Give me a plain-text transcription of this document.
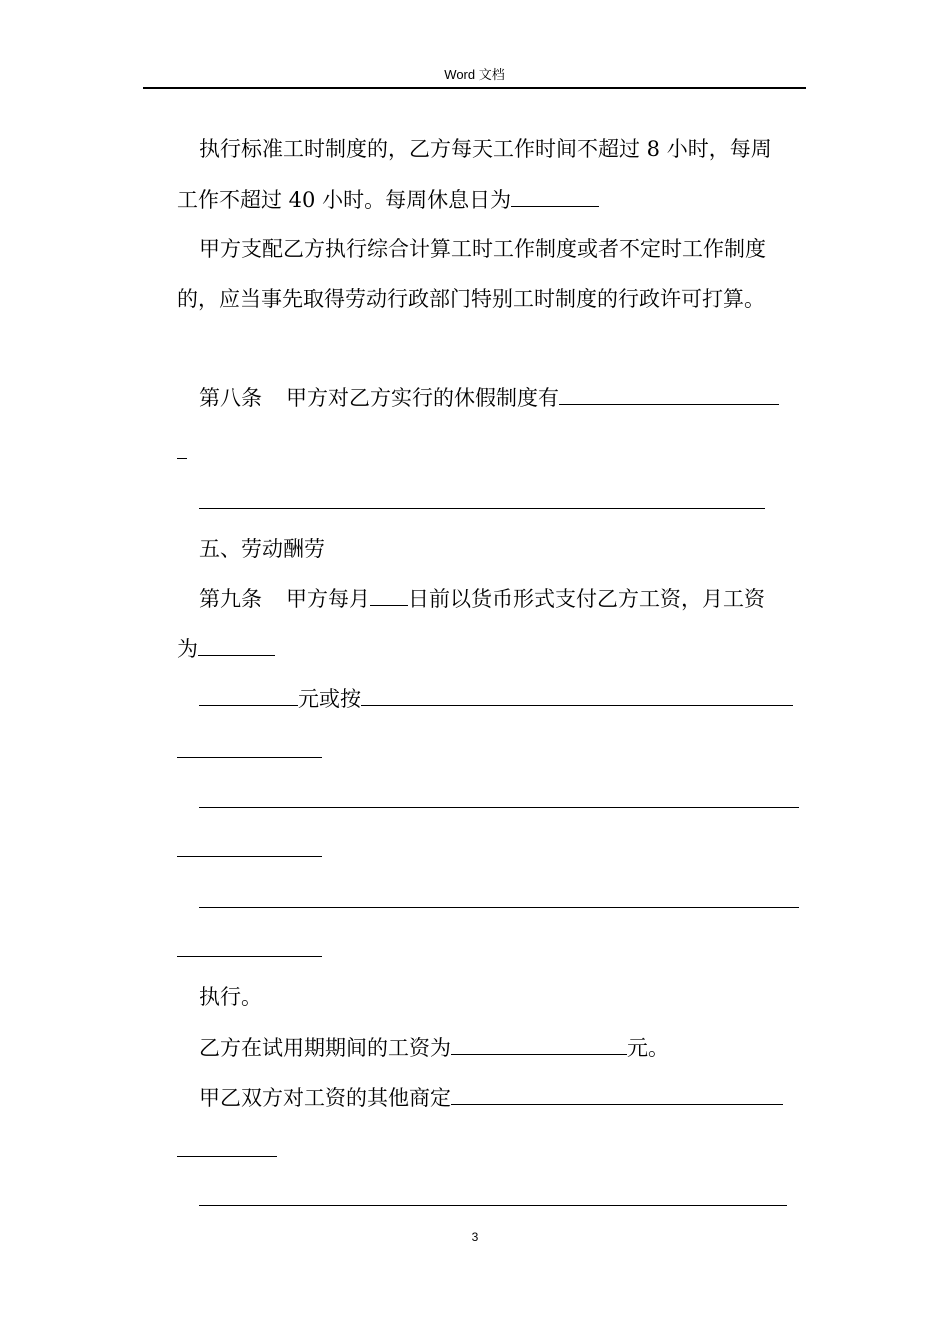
Word 文档
执行标准工时制度的，乙方每天工作时间不超过 8 小时，每周
工作不超过 40 小时。每周休息日为
甲方支配乙方执行综合计算工时工作制度或者不定时工作制度
的，应当事先取得劳动行政部门特别工时制度的行政许可打算。
第八条 甲方对乙方实行的休假制度有
五、劳动酬劳
第九条 甲方每月 日前以货币形式支付乙方工资，月工资
为
元或按
执行。
乙方在试用期期间的工资为	元。
甲乙双方对工资的其他商定
3
